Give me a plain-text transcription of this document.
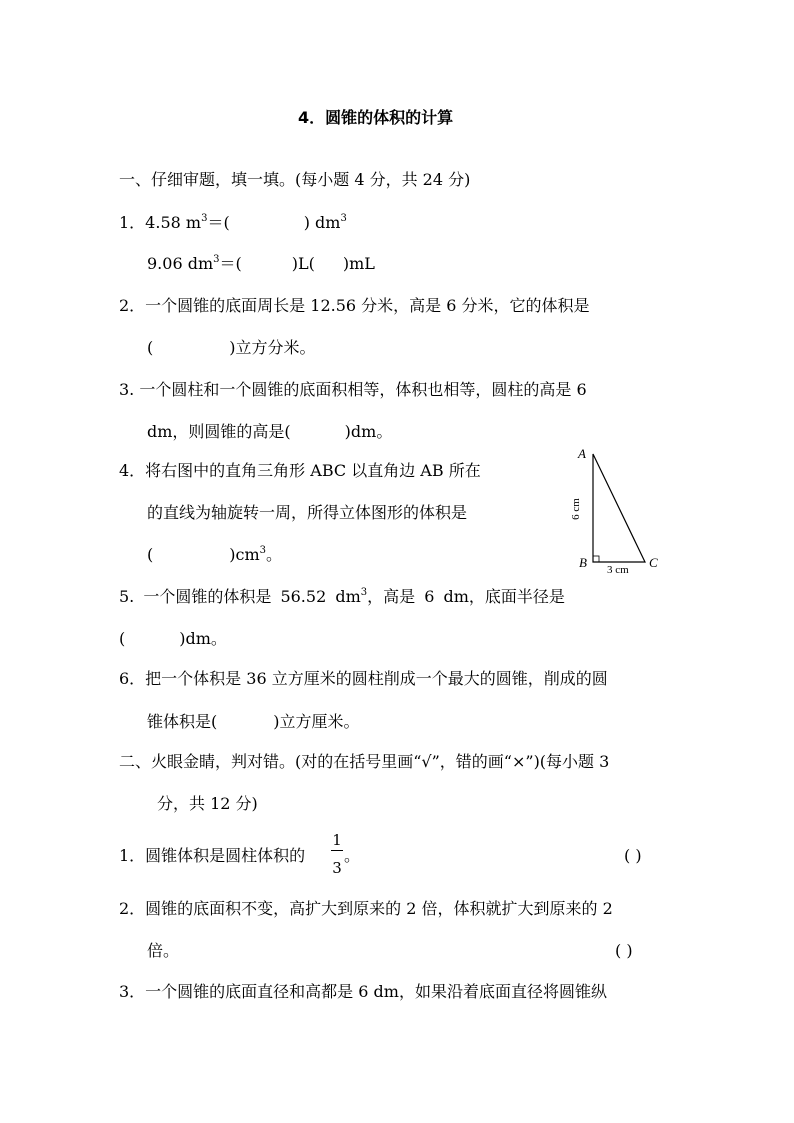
4．圆锥的体积的计算
一、仔细审题，填一填。(每小题 4 分，共 24 分)
1．4.58 $m^3=$(	) $dm^3$
9.06 $dm^3=$(	)L( )mL
2．一个圆锥的底面周长是 12.56 分米，高是 6 分米，它的体积是
(	)立方分米。
3. 一个圆柱和一个圆锥的底面积相等，体积也相等，圆柱的高是 6
dm，则圆锥的高是(	)dm。
4．将右图中的直角三角形 ABC 以直角边 AB 所在
的直线为轴旋转一周，所得立体图形的体积是
(	)$cm^3$。
A
B	C
6 cm
3 cm
5. 一个圆锥的体积是 56.52 $dm^3$，高是 6 dm，底面半径是
(	)dm。
6．把一个体积是 36 立方厘米的圆柱削成一个最大的圆锥，削成的圆
锥体积是(	)立方厘米。
二、火眼金睛，判对错。(对的在括号里画“√”，错的画“×”)(每小题 3
分，共 12 分)
1．圆锥体积是圆柱体积的
1
3
。	( )
2．圆锥的底面积不变，高扩大到原来的 2 倍，体积就扩大到原来的 2
倍。	( )
3．一个圆锥的底面直径和高都是 6 dm，如果沿着底面直径将圆锥纵
